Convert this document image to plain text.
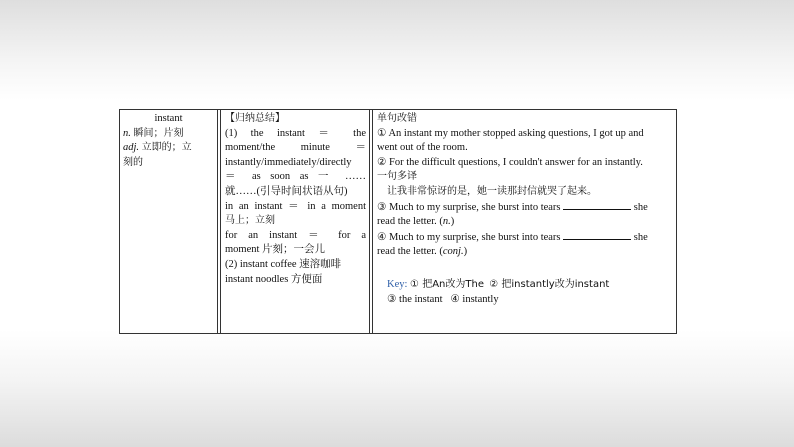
instant

n. 瞬间；片刻

adj. 立即的；立

刻的

【归纳总结】

(1) the instant ＝ the

moment/the minute ＝

instantly/immediately/directly

＝ as soon as 一 ……

就……(引导时间状语从句)

in an instant ＝ in a moment

马上；立刻

for an instant ＝ for a

moment 片刻；一会儿

(2) instant coffee 速溶咖啡

instant noodles 方便面

单句改错

① An instant my mother stopped asking questions, I got up and

went out of the room.

② For the difficult questions, I couldn't answer for an instantly.

一句多译

让我非常惊讶的是，她一读那封信就哭了起来。

③ Much to my surprise, she burst into tears	she

read the letter. (n.)

④ Much to my surprise, she burst into tears	she

read the letter. (conj.)

Key: ① 把An改为The ② 把instantly改为instant

③ the instant ④ instantly
